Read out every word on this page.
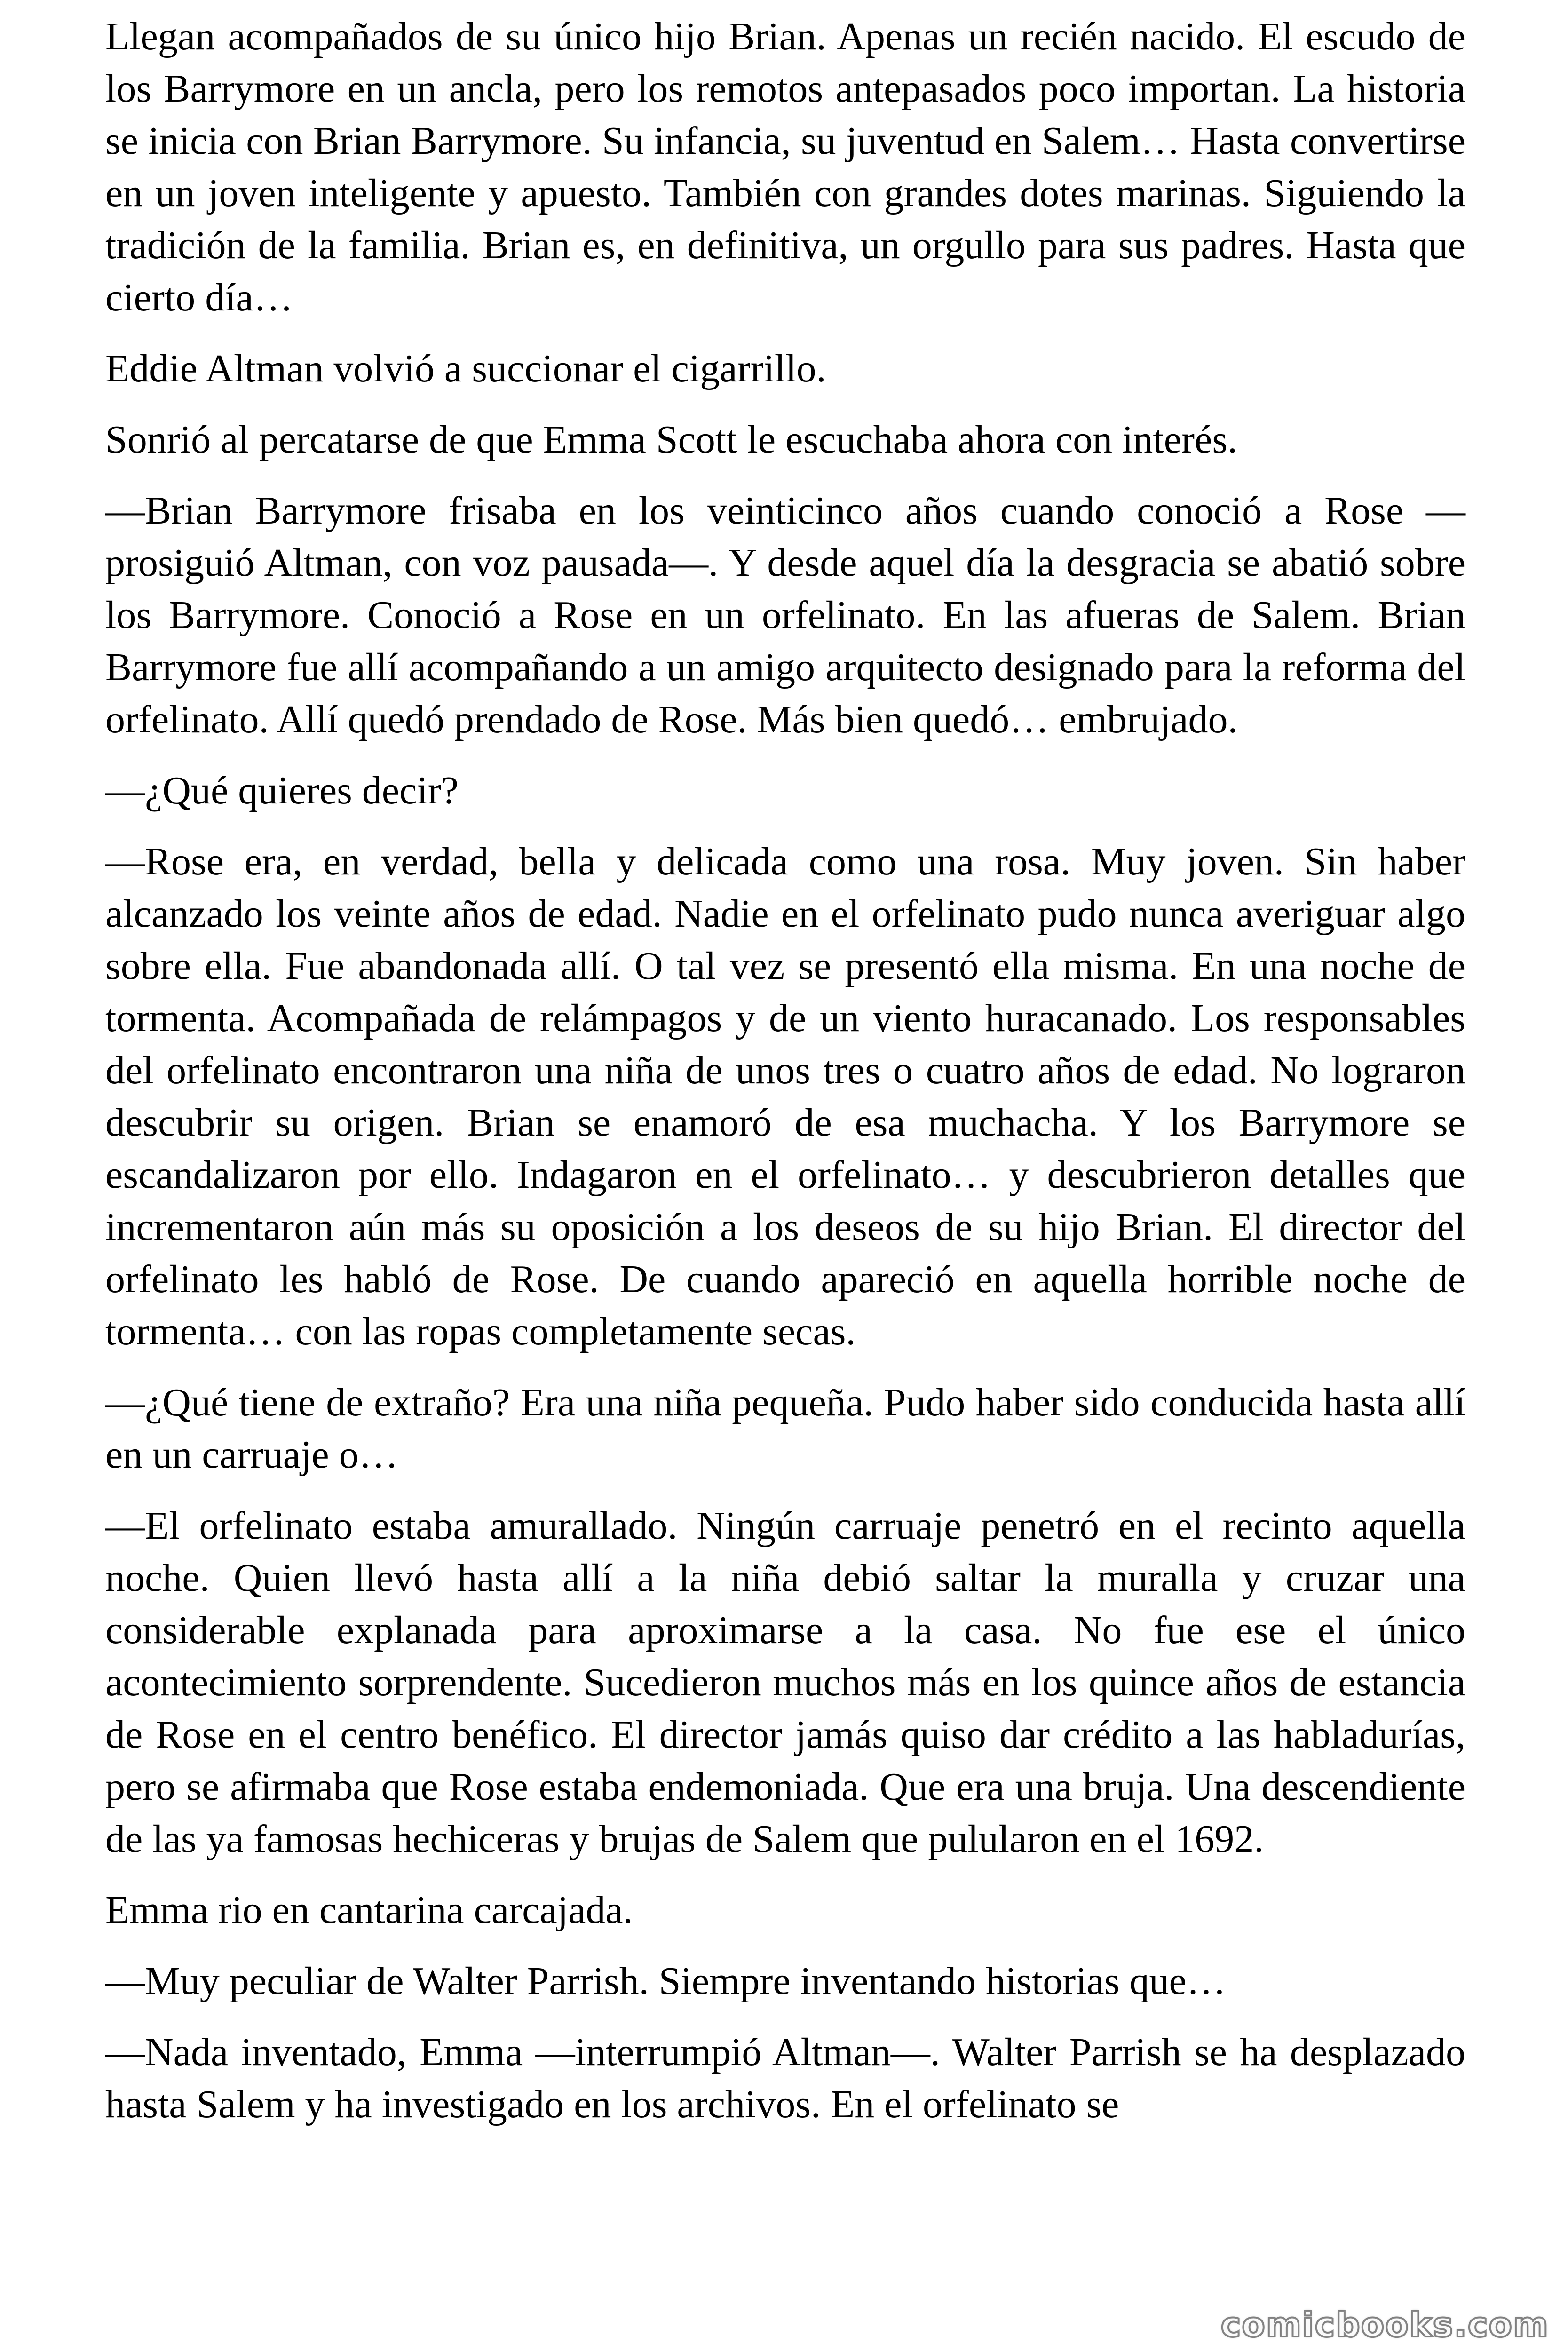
Llegan acompañados de su único hijo Brian. Apenas un recién nacido. El escudo de los Barrymore en un ancla, pero los remotos antepasados poco importan. La historia se inicia con Brian Barrymore. Su infancia, su juventud en Salem… Hasta convertirse en un joven inteligente y apuesto. También con grandes dotes marinas. Siguiendo la tradición de la familia. Brian es, en definitiva, un orgullo para sus padres. Hasta que cierto día…

Eddie Altman volvió a succionar el cigarrillo.

Sonrió al percatarse de que Emma Scott le escuchaba ahora con interés.

—Brian Barrymore frisaba en los veinticinco años cuando conoció a Rose —prosiguió Altman, con voz pausada—. Y desde aquel día la desgracia se abatió sobre los Barrymore. Conoció a Rose en un orfelinato. En las afueras de Salem. Brian Barrymore fue allí acompañando a un amigo arquitecto designado para la reforma del orfelinato. Allí quedó prendado de Rose. Más bien quedó… embrujado.

—¿Qué quieres decir?

—Rose era, en verdad, bella y delicada como una rosa. Muy joven. Sin haber alcanzado los veinte años de edad. Nadie en el orfelinato pudo nunca averiguar algo sobre ella. Fue abandonada allí. O tal vez se presentó ella misma. En una noche de tormenta. Acompañada de relámpagos y de un viento huracanado. Los responsables del orfelinato encontraron una niña de unos tres o cuatro años de edad. No lograron descubrir su origen. Brian se enamoró de esa muchacha. Y los Barrymore se escandalizaron por ello. Indagaron en el orfelinato… y descubrieron detalles que incrementaron aún más su oposición a los deseos de su hijo Brian. El director del orfelinato les habló de Rose. De cuando apareció en aquella horrible noche de tormenta… con las ropas completamente secas.

—¿Qué tiene de extraño? Era una niña pequeña. Pudo haber sido conducida hasta allí en un carruaje o…

—El orfelinato estaba amurallado. Ningún carruaje penetró en el recinto aquella noche. Quien llevó hasta allí a la niña debió saltar la muralla y cruzar una considerable explanada para aproximarse a la casa. No fue ese el único acontecimiento sorprendente. Sucedieron muchos más en los quince años de estancia de Rose en el centro benéfico. El director jamás quiso dar crédito a las habladurías, pero se afirmaba que Rose estaba endemoniada. Que era una bruja. Una descendiente de las ya famosas hechiceras y brujas de Salem que pulularon en el 1692.

Emma rio en cantarina carcajada.

—Muy peculiar de Walter Parrish. Siempre inventando historias que…

—Nada inventado, Emma —interrumpió Altman—. Walter Parrish se ha desplazado hasta Salem y ha investigado en los archivos. En el orfelinato se

comicbooks.com
